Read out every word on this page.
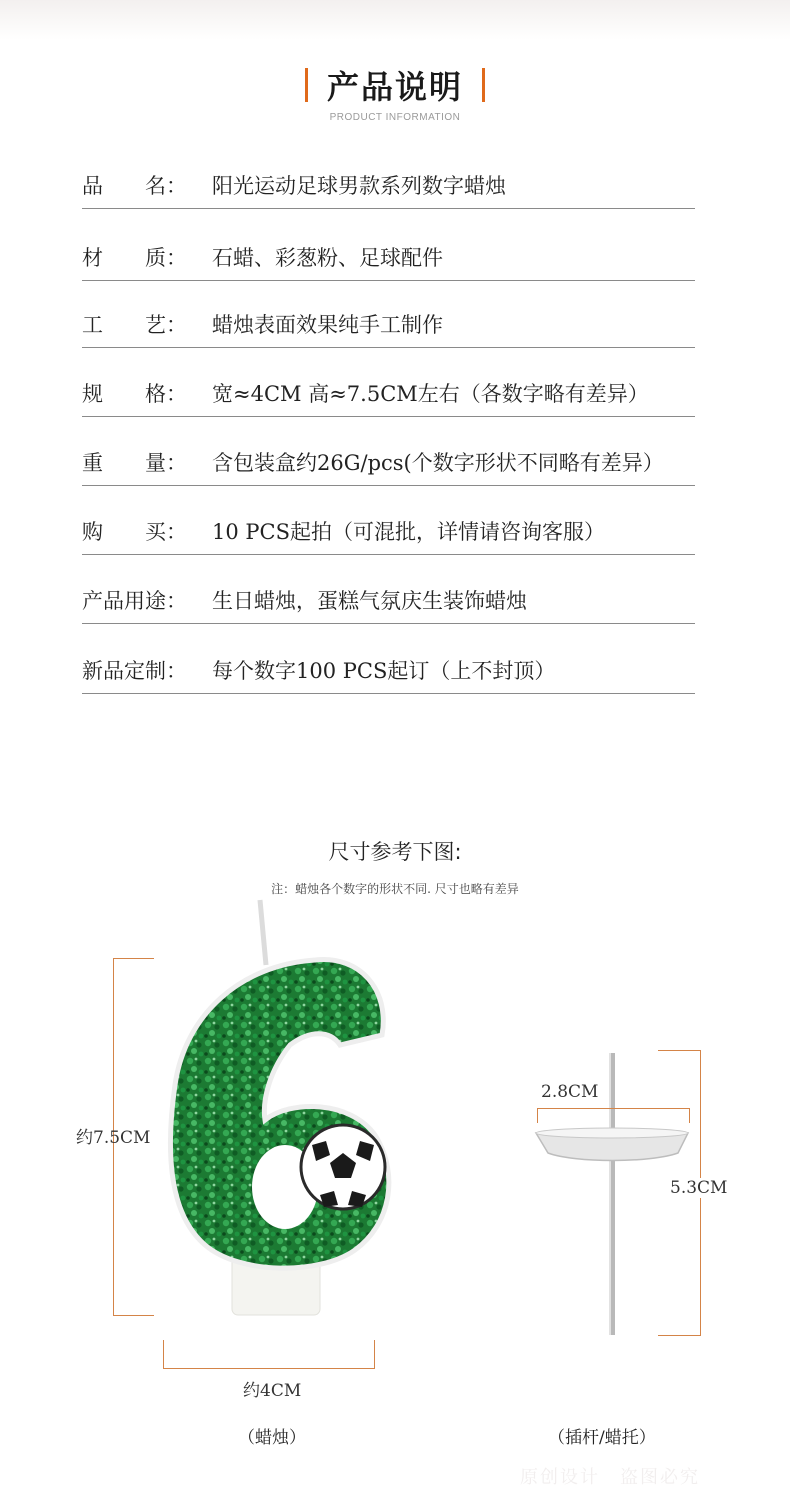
产品说明
PRODUCT INFORMATION
品　　名： 阳光运动足球男款系列数字蜡烛
材　　质： 石蜡、彩葱粉、足球配件
工　　艺： 蜡烛表面效果纯手工制作
规　　格： 宽≈4CM 高≈7.5CM左右（各数字略有差异）
重　　量： 含包装盒约26G/pcs(个数字形状不同略有差异）
购　　买： 10 PCS起拍（可混批，详情请咨询客服）
产品用途： 生日蜡烛，蛋糕气氛庆生装饰蜡烛
新品定制： 每个数字100 PCS起订（上不封顶）
尺寸参考下图:
注：蜡烛各个数字的形状不同. 尺寸也略有差异
约7.5CM
约4CM
2.8CM
5.3CM
（蜡烛）	（插杆/蜡托）
原创设计　盗图必究
